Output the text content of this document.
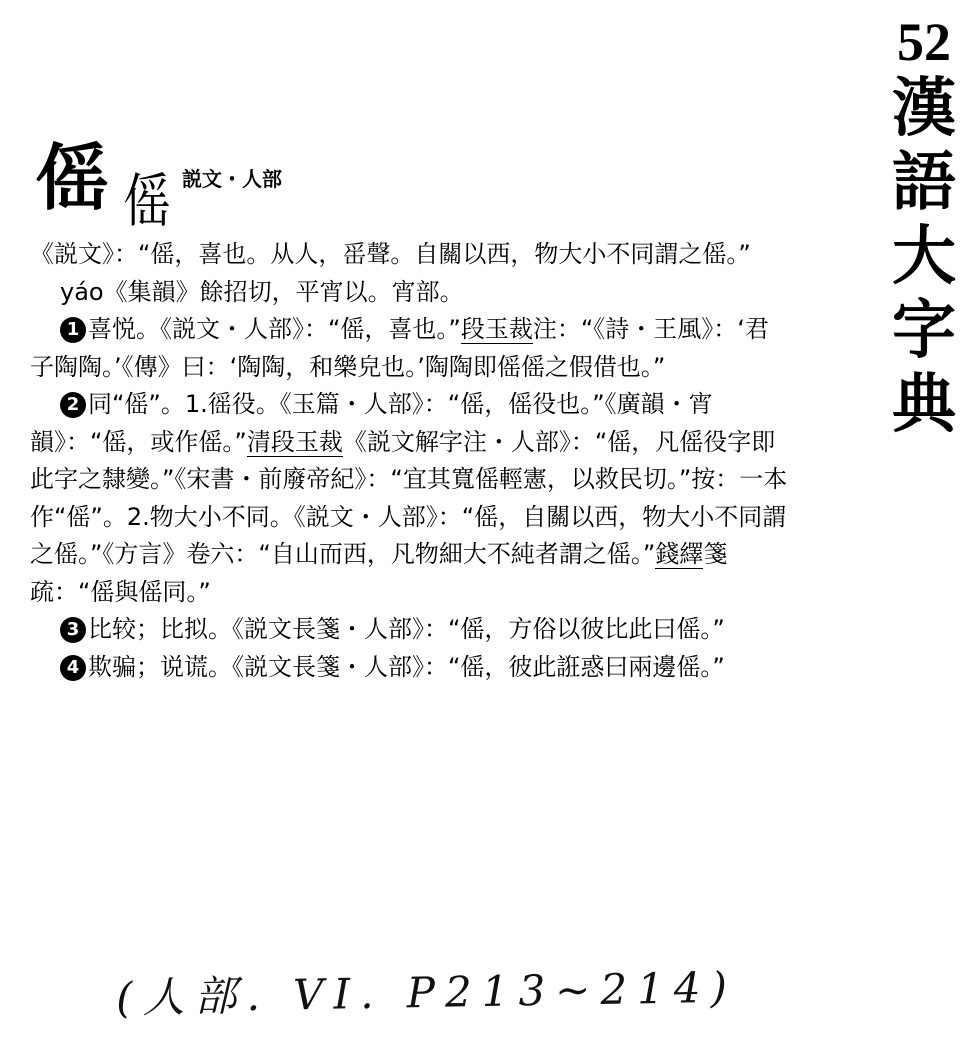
52
漢
語
大
字
典
傜 傜 説文・人部

《説文》：“傜，喜也。从人，䍃聲。自關以西，物大小不同謂之傜。”

yáo《集韻》餘招切，平宵以。宵部。

1 喜悦。《説文・人部》：“傜，喜也。”段玉裁注：“《詩・王風》：‘君子陶陶。’《傳》曰：‘陶陶，和樂皃也。’陶陶即傜傜之假借也。”

2 同“傜”。1.徭役。《玉篇・人部》：“傜，傜役也。”《廣韻・宵韻》：“傜，或作傜。”清段玉裁《説文解字注・人部》：“傜，凡傜役字即此字之隸變。”《宋書・前廢帝紀》：“宜其寬傜輕憲，以救民切。”按：一本作“傜”。2.物大小不同。《説文・人部》：“傜，自關以西，物大小不同謂之傜。”《方言》卷六：“自山而西，凡物細大不純者謂之傜。”錢繹箋疏：“傜與傜同。”

3 比较；比拟。《説文長箋・人部》：“傜，方俗以彼比此曰傜。”

4 欺骗；说谎。《説文長箋・人部》：“傜，彼此誑惑曰兩邊傜。”

(人部. VI. P213~214)
